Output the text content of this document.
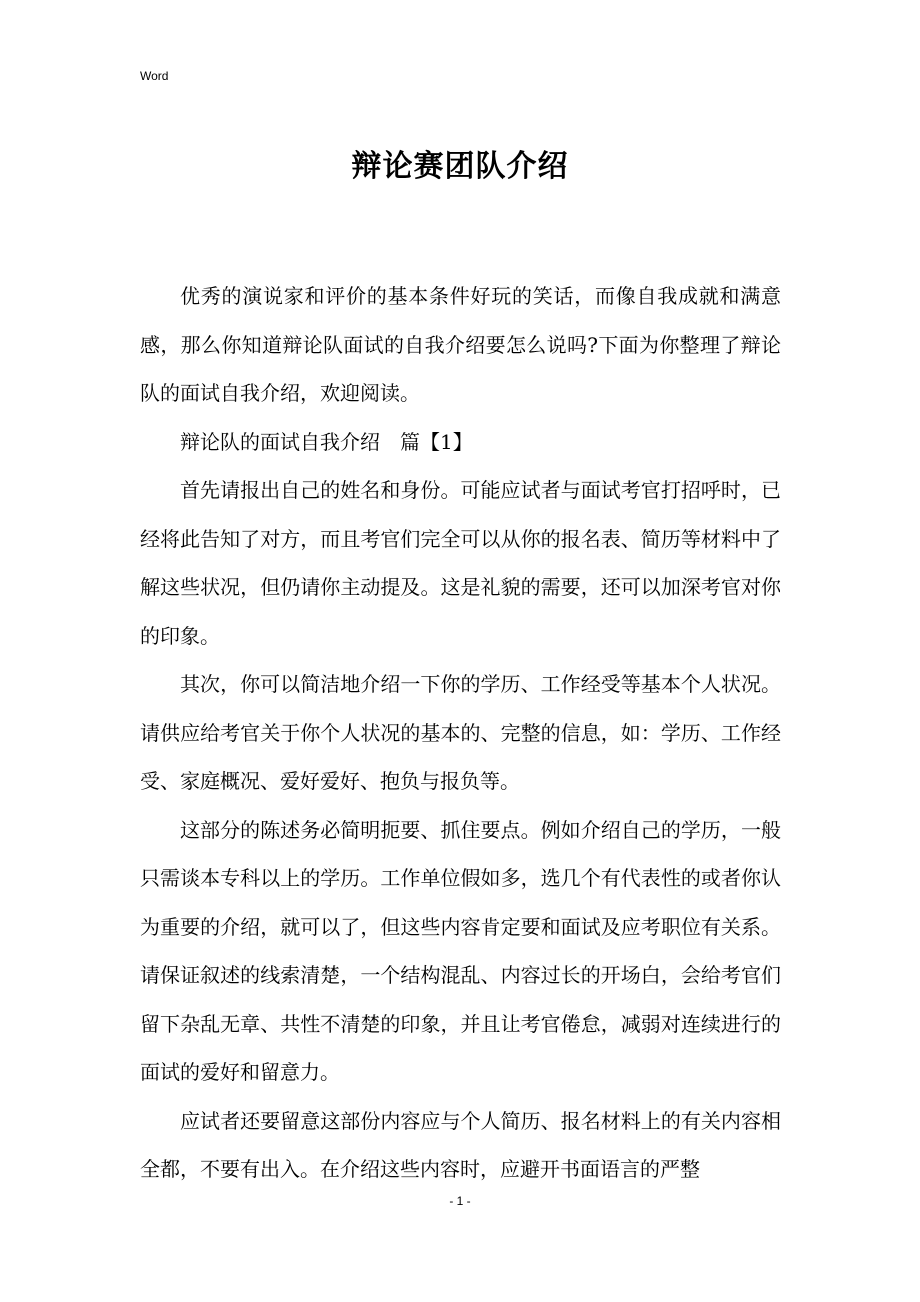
Word
辩论赛团队介绍

优秀的演说家和评价的基本条件好玩的笑话，而像自我成就和满意感，那么你知道辩论队面试的自我介绍要怎么说吗?下面为你整理了辩论队的面试自我介绍，欢迎阅读。

辩论队的面试自我介绍　篇【1】

首先请报出自己的姓名和身份。可能应试者与面试考官打招呼时，已经将此告知了对方，而且考官们完全可以从你的报名表、简历等材料中了解这些状况，但仍请你主动提及。这是礼貌的需要，还可以加深考官对你的印象。

其次，你可以简洁地介绍一下你的学历、工作经受等基本个人状况。请供应给考官关于你个人状况的基本的、完整的信息，如：学历、工作经受、家庭概况、爱好爱好、抱负与报负等。

这部分的陈述务必简明扼要、抓住要点。例如介绍自己的学历，一般只需谈本专科以上的学历。工作单位假如多，选几个有代表性的或者你认为重要的介绍，就可以了，但这些内容肯定要和面试及应考职位有关系。请保证叙述的线索清楚，一个结构混乱、内容过长的开场白，会给考官们留下杂乱无章、共性不清楚的印象，并且让考官倦怠，减弱对连续进行的面试的爱好和留意力。

应试者还要留意这部份内容应与个人简历、报名材料上的有关内容相全都，不要有出入。在介绍这些内容时，应避开书面语言的严整

- 1 -
